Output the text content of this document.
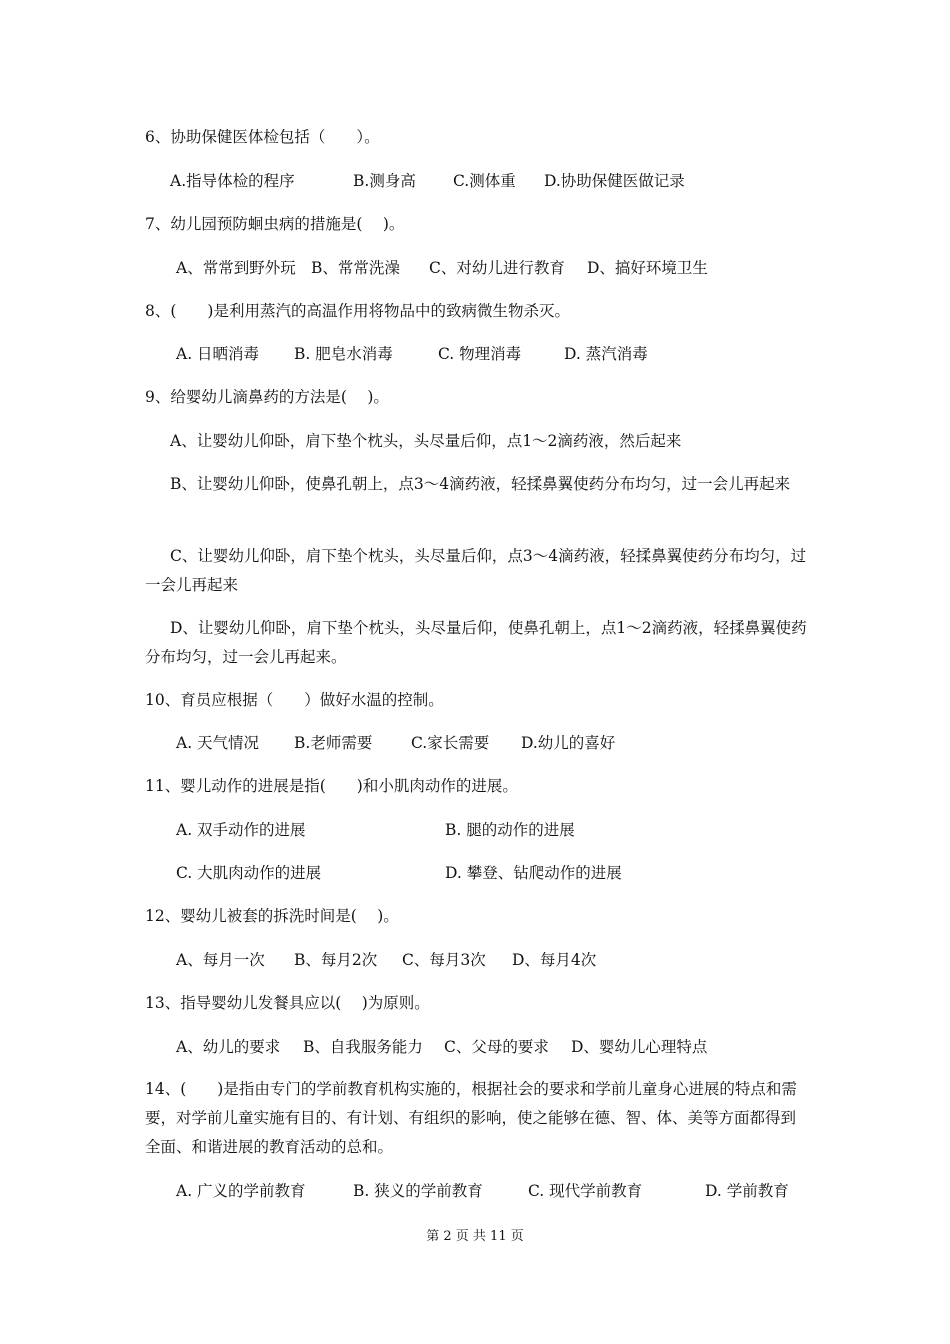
6、协助保健医体检包括（　　）。
A.指导体检的程序	B.测身高 C.测体重 D.协助保健医做记录
7、幼儿园预防蛔虫病的措施是(　 )。
A、常常到野外玩 B、常常洗澡 C、对幼儿进行教育 D、搞好环境卫生
8、(　　)是利用蒸汽的高温作用将物品中的致病微生物杀灭。
A. 日晒消毒 B. 肥皂水消毒	C. 物理消毒	D. 蒸汽消毒
9、给婴幼儿滴鼻药的方法是(　 )。
A、让婴幼儿仰卧，肩下垫个枕头，头尽量后仰，点1～2滴药液，然后起来
B、让婴幼儿仰卧，使鼻孔朝上，点3～4滴药液，轻揉鼻翼使药分布均匀，过一会儿再起来
C、让婴幼儿仰卧，肩下垫个枕头，头尽量后仰，点3～4滴药液，轻揉鼻翼使药分布均匀，过一会儿再起来
D、让婴幼儿仰卧，肩下垫个枕头，头尽量后仰，使鼻孔朝上，点1～2滴药液，轻揉鼻翼使药分布均匀，过一会儿再起来。
10、育员应根据（　　）做好水温的控制。
A. 天气情况 B.老师需要 C.家长需要 D.幼儿的喜好
11、婴儿动作的进展是指(　　)和小肌肉动作的进展。
A. 双手动作的进展	B. 腿的动作的进展
C. 大肌肉动作的进展	D. 攀登、钻爬动作的进展
12、婴幼儿被套的拆洗时间是(　 )。
A、每月一次 B、每月2次 C、每月3次 D、每月4次
13、指导婴幼儿发餐具应以(　 )为原则。
A、幼儿的要求 B、自我服务能力 C、父母的要求 D、婴幼儿心理特点
14、(　　)是指由专门的学前教育机构实施的，根据社会的要求和学前儿童身心进展的特点和需要，对学前儿童实施有目的、有计划、有组织的影响，使之能够在德、智、体、美等方面都得到全面、和谐进展的教育活动的总和。
A. 广义的学前教育	B. 狭义的学前教育	C. 现代学前教育	D. 学前教育
第 2 页 共 11 页
